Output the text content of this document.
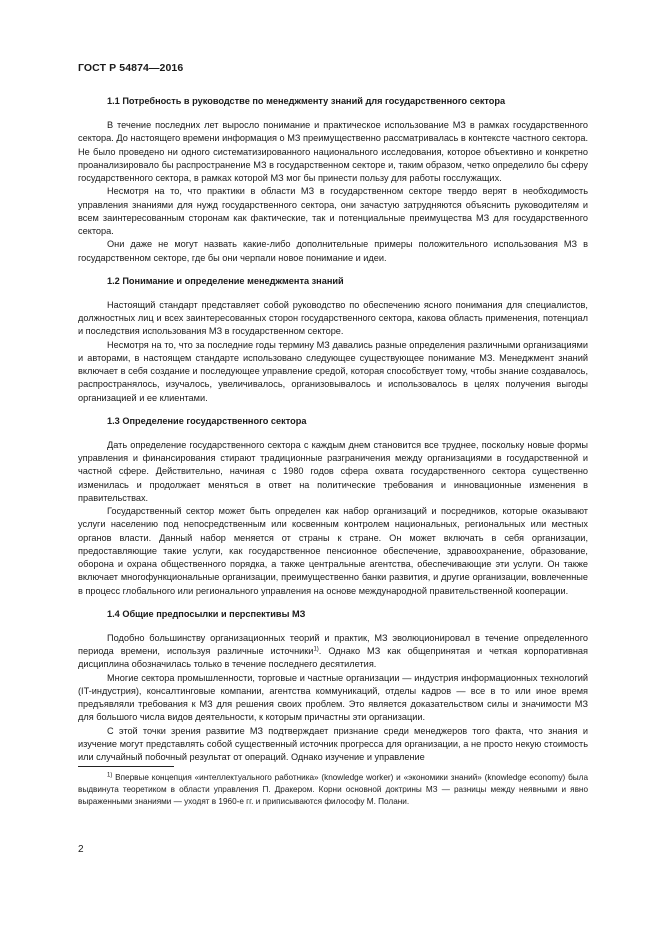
ГОСТ Р 54874—2016
1.1 Потребность в руководстве по менеджменту знаний для государственного сектора

В течение последних лет выросло понимание и практическое использование МЗ в рамках государственного сектора. До настоящего времени информация о МЗ преимущественно рассматривалась в контексте частного сектора. Не было проведено ни одного систематизированного национального исследования, которое объективно и конкретно проанализировало бы распространение МЗ в государственном секторе и, таким образом, четко определило бы сферу государственного сектора, в рамках которой МЗ мог бы принести пользу для работы госслужащих.

Несмотря на то, что практики в области МЗ в государственном секторе твердо верят в необходимость управления знаниями для нужд государственного сектора, они зачастую затрудняются объяснить руководителям и всем заинтересованным сторонам как фактические, так и потенциальные преимущества МЗ для государственного сектора.

Они даже не могут назвать какие-либо дополнительные примеры положительного использования МЗ в государственном секторе, где бы они черпали новое понимание и идеи.

1.2 Понимание и определение менеджмента знаний

Настоящий стандарт представляет собой руководство по обеспечению ясного понимания для специалистов, должностных лиц и всех заинтересованных сторон государственного сектора, какова область применения, потенциал и последствия использования МЗ в государственном секторе.

Несмотря на то, что за последние годы термину МЗ давались разные определения различными организациями и авторами, в настоящем стандарте использовано следующее существующее понимание МЗ. Менеджмент знаний включает в себя создание и последующее управление средой, которая способствует тому, чтобы знание создавалось, распространялось, изучалось, увеличивалось, организовывалось и использовалось в целях получения выгоды организацией и ее клиентами.

1.3 Определение государственного сектора

Дать определение государственного сектора с каждым днем становится все труднее, поскольку новые формы управления и финансирования стирают традиционные разграничения между организациями в государственной и частной сфере. Действительно, начиная с 1980 годов сфера охвата государственного сектора существенно изменилась и продолжает меняться в ответ на политические требования и инновационные изменения в правительствах.

Государственный сектор может быть определен как набор организаций и посредников, которые оказывают услуги населению под непосредственным или косвенным контролем национальных, региональных или местных органов власти. Данный набор меняется от страны к стране. Он может включать в себя организации, предоставляющие такие услуги, как государственное пенсионное обеспечение, здравоохранение, образование, оборона и охрана общественного порядка, а также центральные агентства, обеспечивающие эти услуги. Он также включает многофункциональные организации, преимущественно банки развития, и другие организации, вовлеченные в процесс глобального или регионального управления на основе международной правительственной кооперации.

1.4 Общие предпосылки и перспективы МЗ

Подобно большинству организационных теорий и практик, МЗ эволюционировал в течение определенного периода времени, используя различные источники$^{1)}$. Однако МЗ как общепринятая и четкая корпоративная дисциплина обозначилась только в течение последнего десятилетия.

Многие сектора промышленности, торговые и частные организации — индустрия информационных технологий (IT-индустрия), консалтинговые компании, агентства коммуникаций, отделы кадров — все в то или иное время предъявляли требования к МЗ для решения своих проблем. Это является доказательством силы и значимости МЗ для большого числа видов деятельности, к которым причастны эти организации.

С этой точки зрения развитие МЗ подтверждает признание среди менеджеров того факта, что знания и изучение могут представлять собой существенный источник прогресса для организации, а не просто некую стоимость или случайный побочный результат от операций. Однако изучение и управление

$^{1)}$ Впервые концепция «интеллектуального работника» (knowledge worker) и «экономики знаний» (knowledge economy) была выдвинута теоретиком в области управления П. Дракером. Корни основной доктрины МЗ — разницы между неявными и явно выраженными знаниями — уходят в 1960-е гг. и приписываются философу М. Полани.

2
